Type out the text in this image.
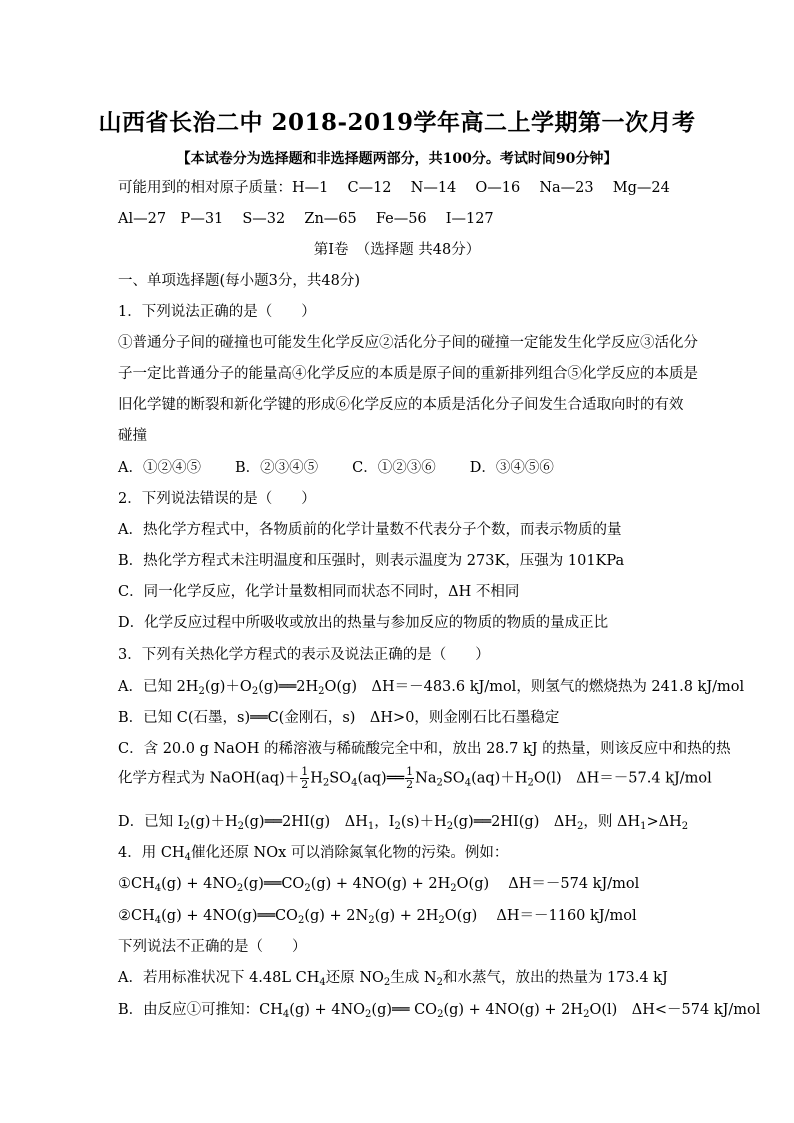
山西省长治二中 2018-2019学年高二上学期第一次月考
【本试卷分为选择题和非选择题两部分，共100分。考试时间90分钟】
可能用到的相对原子质量：H—1　 C—12　 N—14　 O—16　 Na—23　 Mg—24
Al—27　P—31　 S—32　 Zn—65　 Fe—56　 I—127
第Ⅰ卷　（选择题 共48分）
一、单项选择题(每小题3分，共48分)
1．下列说法正确的是（　　）
①普通分子间的碰撞也可能发生化学反应②活化分子间的碰撞一定能发生化学反应③活化分
子一定比普通分子的能量高④化学反应的本质是原子间的重新排列组合⑤化学反应的本质是
旧化学键的断裂和新化学键的形成⑥化学反应的本质是活化分子间发生合适取向时的有效
碰撞
A．①②④⑤ B．②③④⑤ C．①②③⑥ D．③④⑤⑥
2．下列说法错误的是（　　）
A．热化学方程式中，各物质前的化学计量数不代表分子个数，而表示物质的量
B．热化学方程式未注明温度和压强时，则表示温度为 273K，压强为 101KPa
C．同一化学反应，化学计量数相同而状态不同时，ΔH 不相同
D．化学反应过程中所吸收或放出的热量与参加反应的物质的物质的量成正比
3．下列有关热化学方程式的表示及说法正确的是（　　）
A．已知 $2H_2(g)+O_2(g)══2H_2O(g)$　ΔH＝－483.6 kJ/mol，则氢气的燃烧热为 241.8 kJ/mol
B．已知 C(石墨，s)══C(金刚石，s)　ΔH>0，则金刚石比石墨稳定
C．含 20.0 g NaOH 的稀溶液与稀硫酸完全中和，放出 28.7 kJ 的热量，则该反应中和热的热
化学方程式为 NaOH(aq)＋ $\frac{1}{2}$ $H_2SO_4(aq)══ \frac{1}{2} Na_2SO_4(aq)+H_2O(l)$　ΔH＝－57.4 kJ/mol
D．已知 $I_2(g)+H_2(g)══2HI(g)$　$\Delta H_1$，$I_2(s)+H_2(g)══2HI(g)$　$\Delta H_2$，则 $\Delta H_1>\Delta H_2$
4．用 $CH_4$催化还原 NOx 可以消除氮氧化物的污染。例如：
$①CH_4(g)$ + $4NO_2(g)══CO_2(g) + 4NO(g) + 2H_2O(g)$　 ΔH＝－574 kJ/mol
$②CH_4(g)$ + $4NO(g)══CO_2(g) + 2N_2(g) + 2H_2O(g)$　 ΔH＝－1160 kJ/mol
下列说法不正确的是（　　）
A．若用标准状况下 4.48L $CH_4$还原 $NO_2$生成 $N_2$和水蒸气，放出的热量为 173.4 kJ
B．由反应①可推知：$CH_4(g)$ + $4NO_2(g)══$ $CO_2(g) + 4NO(g) + 2H_2O(l)$　ΔH<－574 kJ/mol
